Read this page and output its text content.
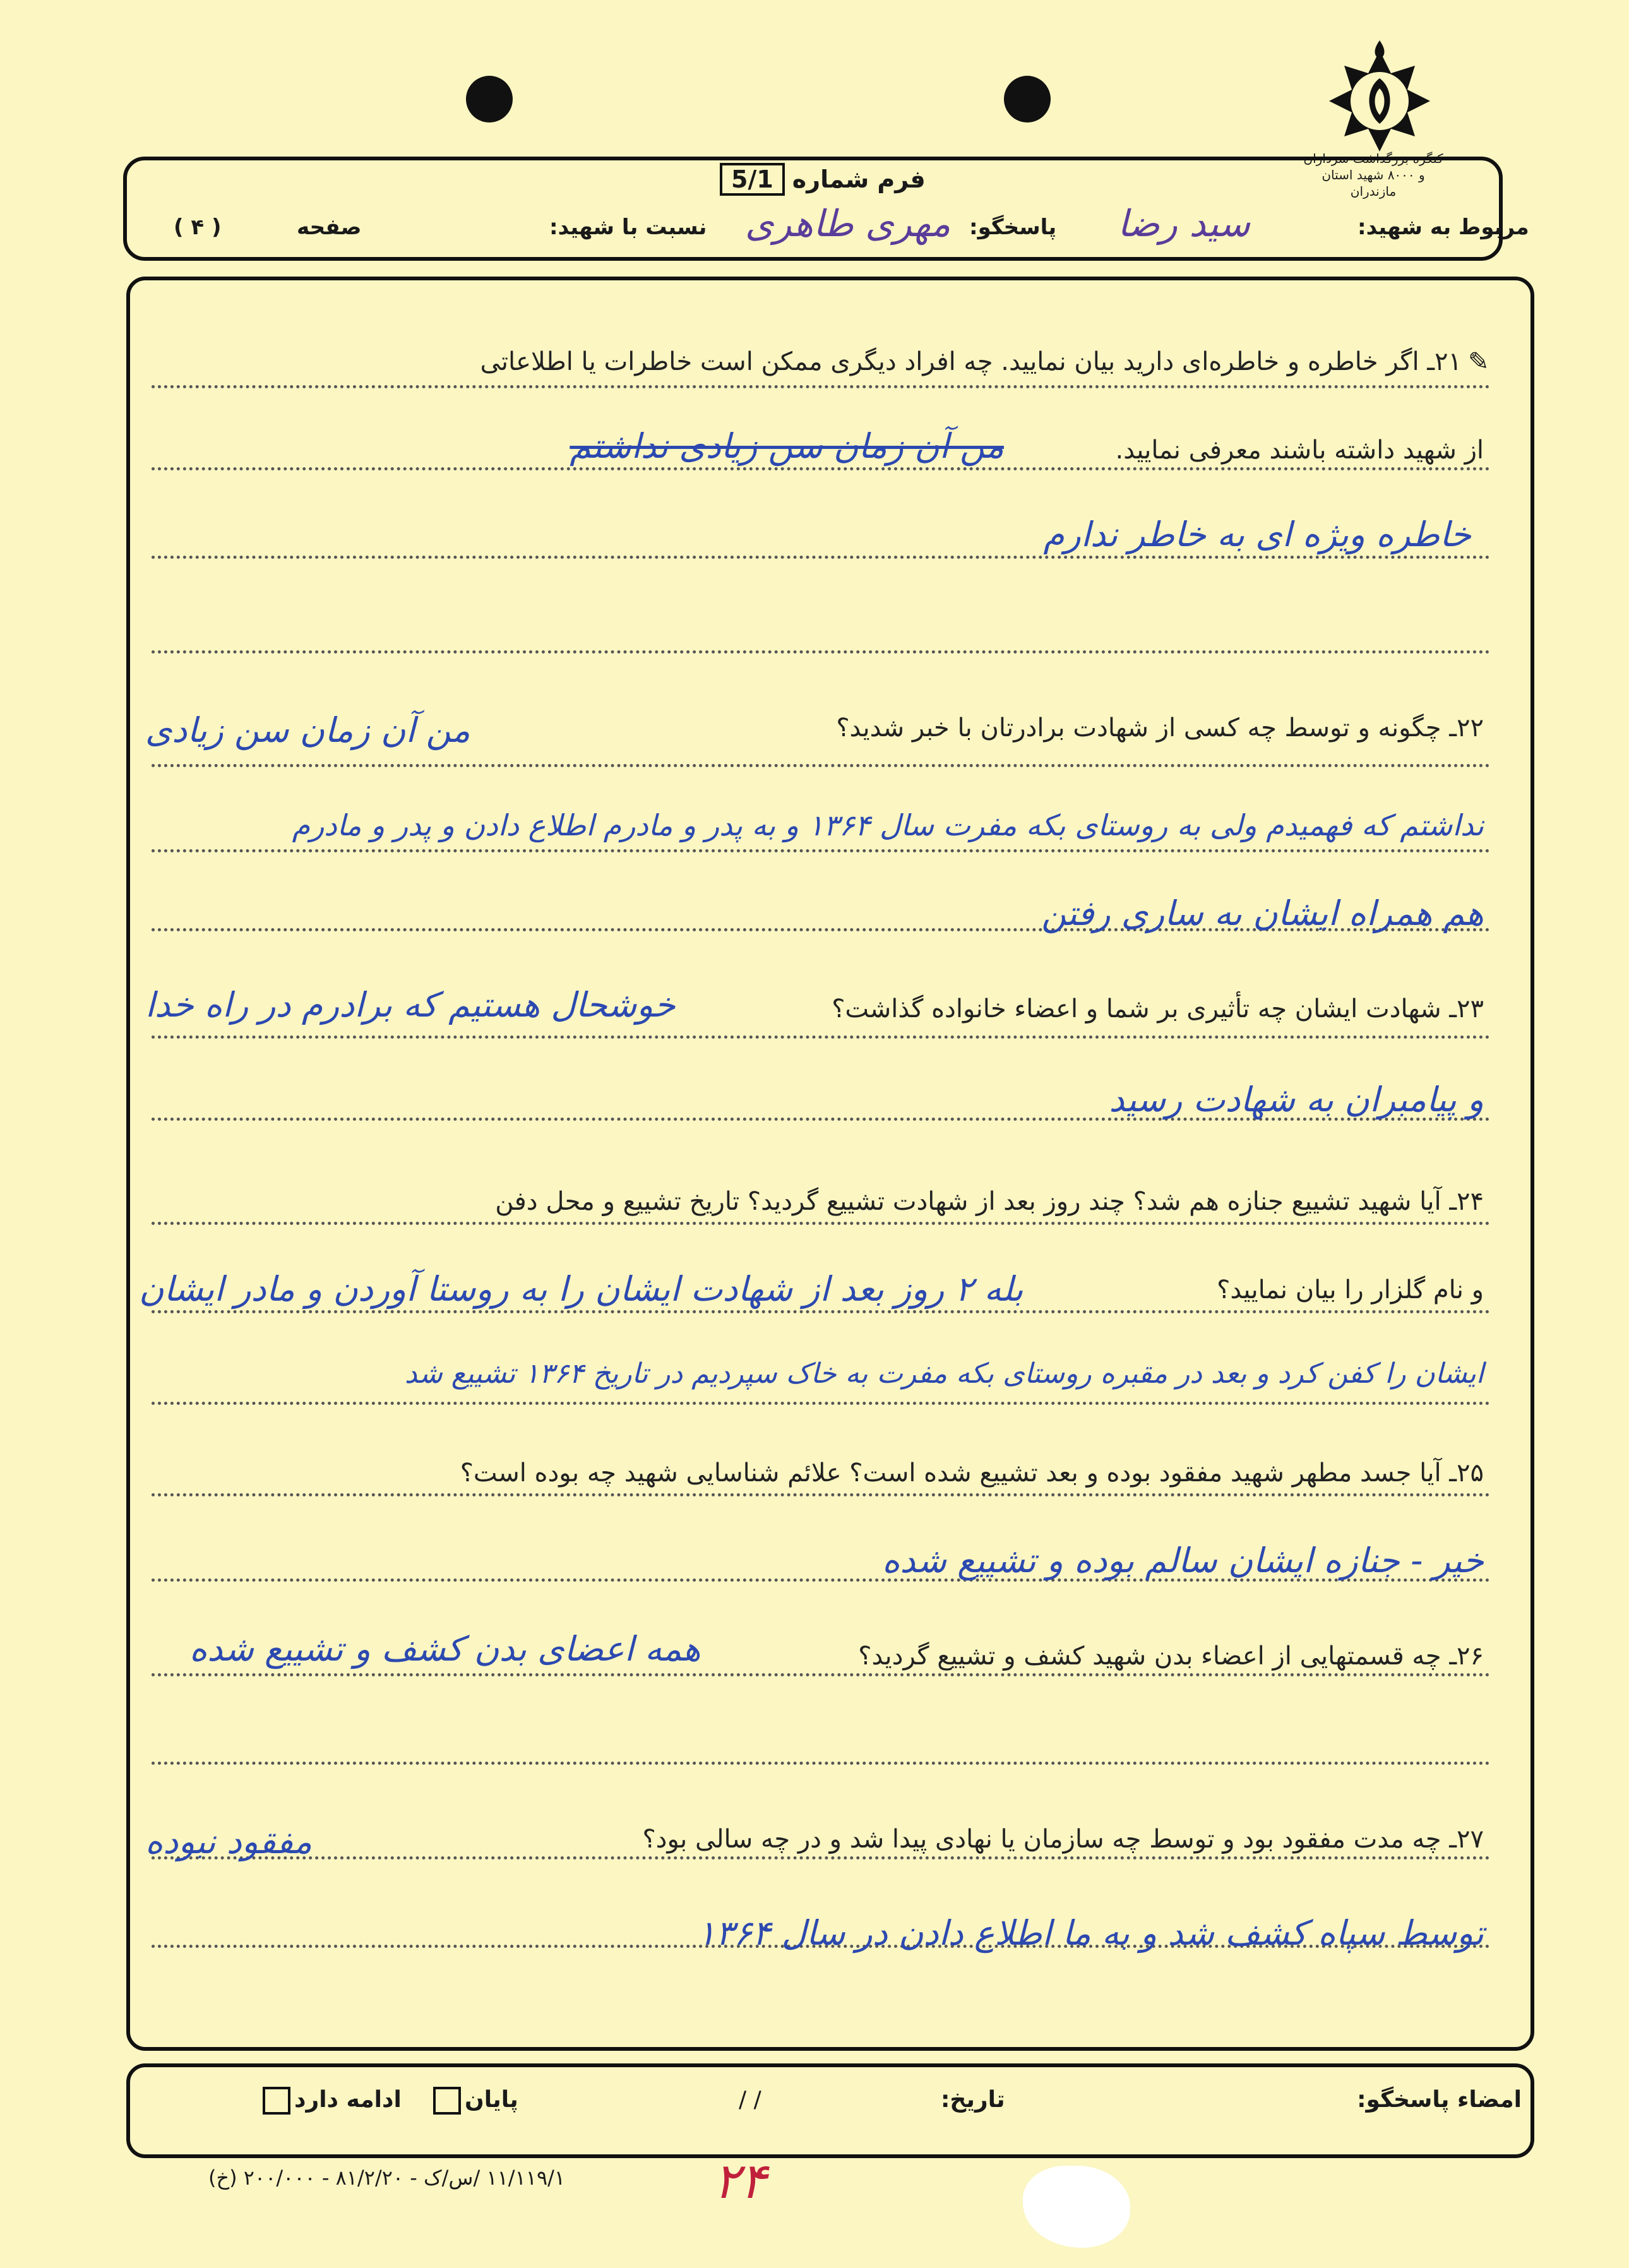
کنگره بزرگداشت سرداران و ۸۰۰۰ شهید استان مازندران
فرم شماره
5/1
مربوط به شهید:
سید رضا
پاسخگو:
مهری طاهری
نسبت با شهید:
صفحه
( ۴ )
✎
۲۱ـ اگر خاطره و خاطره‌ای دارید بیان نمایید. چه افراد دیگری ممکن است خاطرات یا اطلاعاتی
از شهید داشته باشند معرفی نمایید.
من آن زمان سن زیادی نداشتم
خاطره ویژه ای به خاطر ندارم
۲۲ـ چگونه و توسط چه کسی از شهادت برادرتان با خبر شدید؟
من آن زمان سن زیادی
نداشتم که فهمیدم ولی به روستای بکه مفرت سال ۱۳۶۴ و به پدر و مادرم اطلاع دادن و پدر و مادرم
هم همراه ایشان به ساری رفتن
۲۳ـ شهادت ایشان چه تأثیری بر شما و اعضاء خانواده گذاشت؟
خوشحال هستیم که برادرم در راه خدا
و پیامبران به شهادت رسید
۲۴ـ آیا شهید تشییع جنازه هم شد؟ چند روز بعد از شهادت تشییع گردید؟ تاریخ تشییع و محل دفن
و نام گلزار را بیان نمایید؟
بله ۲ روز بعد از شهادت ایشان را به روستا آوردن و مادر ایشان
ایشان را کفن کرد و بعد در مقبره روستای بکه مفرت به خاک سپردیم در تاریخ ۱۳۶۴ تشییع شد
۲۵ـ آیا جسد مطهر شهید مفقود بوده و بعد تشییع شده است؟ علائم شناسایی شهید چه بوده است؟
خیر - جنازه ایشان سالم بوده و تشییع شده
۲۶ـ چه قسمتهایی از اعضاء بدن شهید کشف و تشییع گردید؟
همه اعضای بدن کشف و تشییع شده
۲۷ـ چه مدت مفقود بود و توسط چه سازمان یا نهادی پیدا شد و در چه سالی بود؟
مفقود نبوده
توسط سپاه کشف شد و به ما اطلاع دادن در سال ۱۳۶۴
امضاء پاسخگو:
تاریخ:
/ /
پایان
ادامه دارد
۱۱/۱۱۹/۱ /س/ک - ۸۱/۲/۲۰ - ۲۰۰/۰۰۰ (خ)	۲۴
